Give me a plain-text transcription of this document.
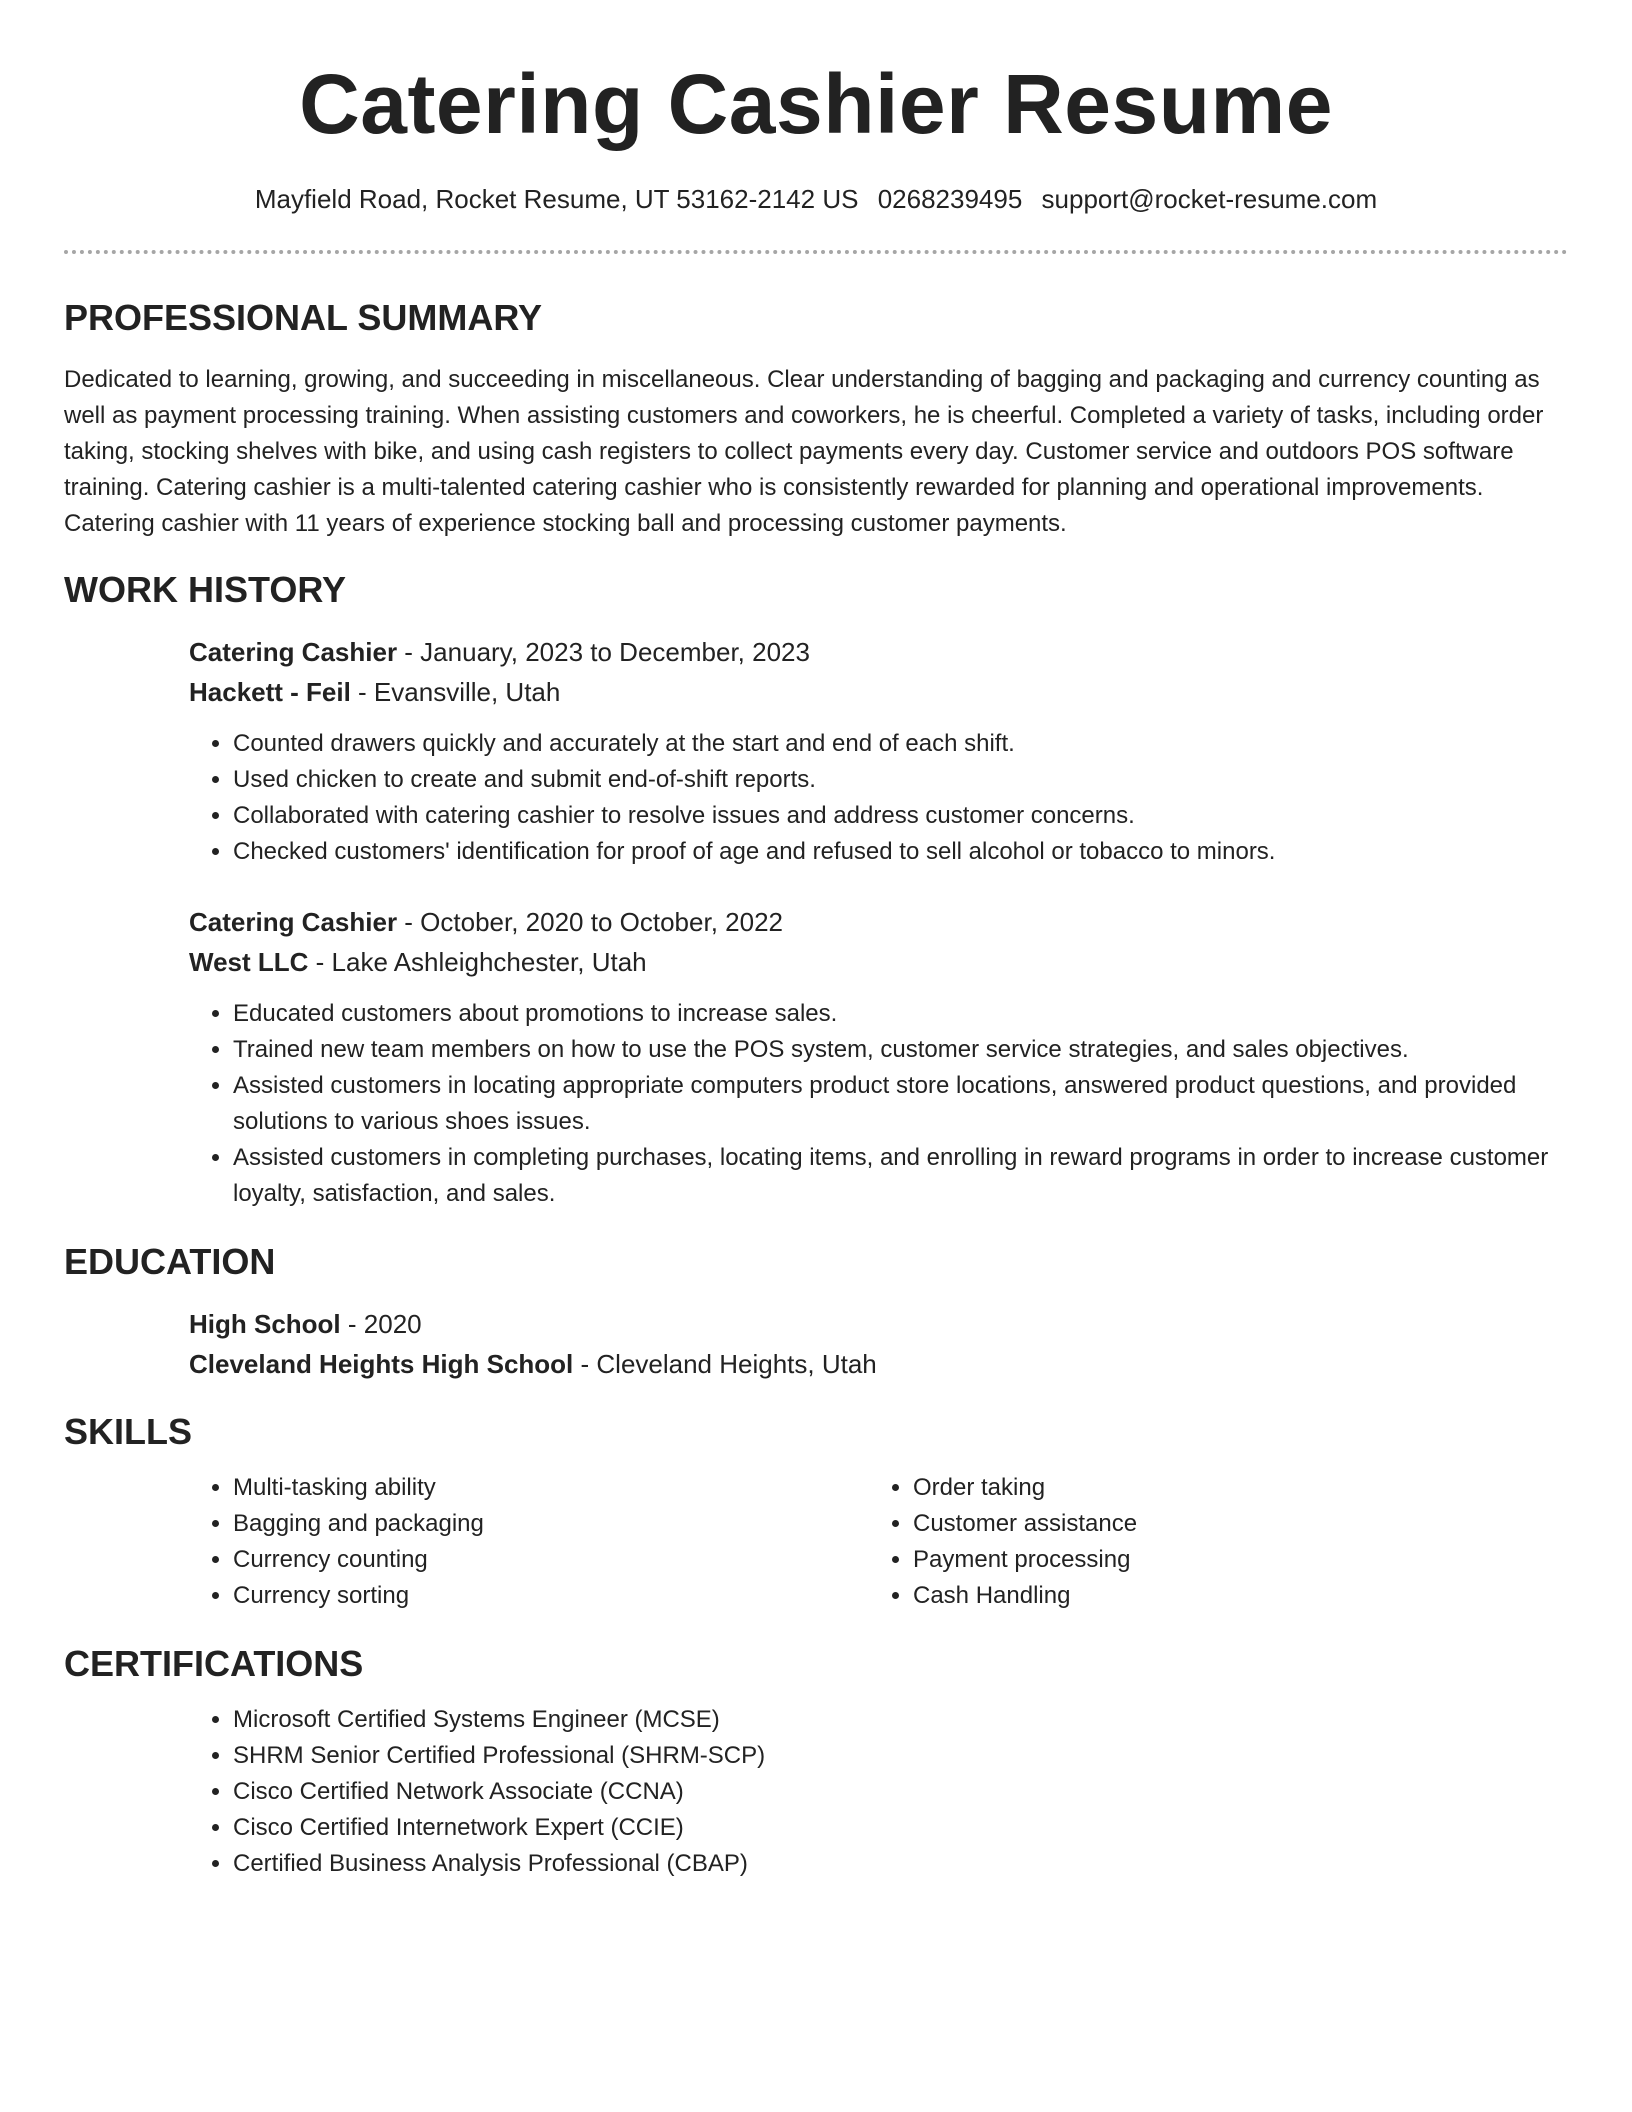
Catering Cashier Resume
Mayfield Road, Rocket Resume, UT 53162-2142 US 0268239495 support@rocket-resume.com
PROFESSIONAL SUMMARY

Dedicated to learning, growing, and succeeding in miscellaneous. Clear understanding of bagging and packaging and currency counting as well as payment processing training. When assisting customers and coworkers, he is cheerful. Completed a variety of tasks, including order taking, stocking shelves with bike, and using cash registers to collect payments every day. Customer service and outdoors POS software training. Catering cashier is a multi-talented catering cashier who is consistently rewarded for planning and operational improvements. Catering cashier with 11 years of experience stocking ball and processing customer payments.

WORK HISTORY
Catering Cashier - January, 2023 to December, 2023
Hackett - Feil - Evansville, Utah
• Counted drawers quickly and accurately at the start and end of each shift.
• Used chicken to create and submit end-of-shift reports.
• Collaborated with catering cashier to resolve issues and address customer concerns.
• Checked customers' identification for proof of age and refused to sell alcohol or tobacco to minors.
Catering Cashier - October, 2020 to October, 2022
West LLC - Lake Ashleighchester, Utah
• Educated customers about promotions to increase sales.
• Trained new team members on how to use the POS system, customer service strategies, and sales objectives.
• Assisted customers in locating appropriate computers product store locations, answered product questions, and provided solutions to various shoes issues.
• Assisted customers in completing purchases, locating items, and enrolling in reward programs in order to increase customer loyalty, satisfaction, and sales.
EDUCATION
High School - 2020
Cleveland Heights High School - Cleveland Heights, Utah
SKILLS
• Multi-tasking ability
• Bagging and packaging
• Currency counting
• Currency sorting
• Order taking
• Customer assistance
• Payment processing
• Cash Handling
CERTIFICATIONS
• Microsoft Certified Systems Engineer (MCSE)
• SHRM Senior Certified Professional (SHRM-SCP)
• Cisco Certified Network Associate (CCNA)
• Cisco Certified Internetwork Expert (CCIE)
• Certified Business Analysis Professional (CBAP)
